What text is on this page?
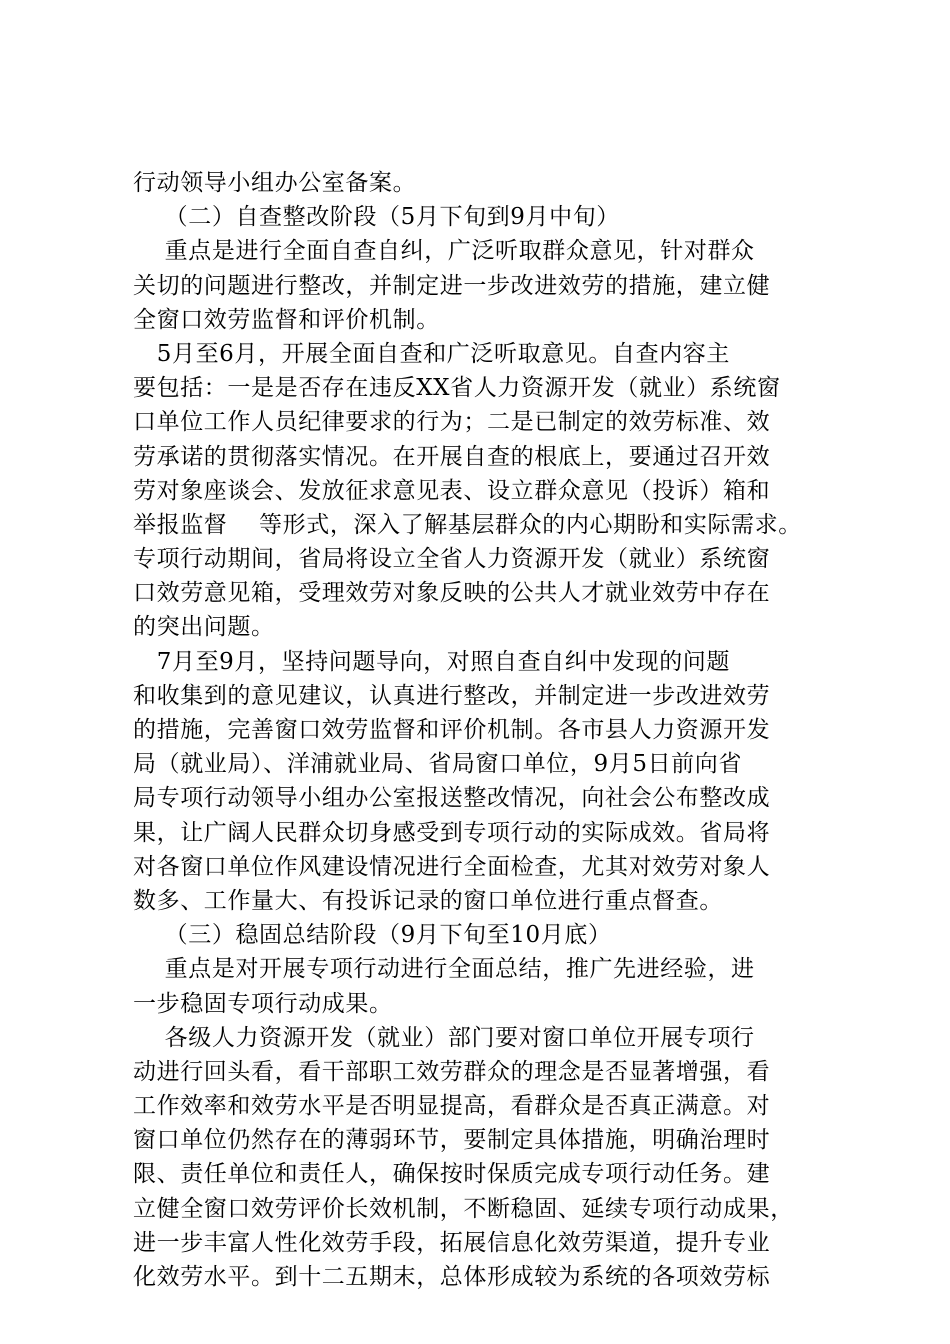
行动领导小组办公室备案。
（二）自查整改阶段（5月下旬到9月中旬）
重点是进行全面自查自纠，广泛听取群众意见，针对群众
关切的问题进行整改，并制定进一步改进效劳的措施，建立健
全窗口效劳监督和评价机制。
5月至6月，开展全面自查和广泛听取意见。自查内容主
要包括：一是是否存在违反XX省人力资源开发（就业）系统窗
口单位工作人员纪律要求的行为；二是已制定的效劳标准、效
劳承诺的贯彻落实情况。在开展自查的根底上，要通过召开效
劳对象座谈会、发放征求意见表、设立群众意见（投诉）箱和
举报监督    等形式，深入了解基层群众的内心期盼和实际需求。
专项行动期间，省局将设立全省人力资源开发（就业）系统窗
口效劳意见箱，受理效劳对象反映的公共人才就业效劳中存在
的突出问题。
7月至9月，坚持问题导向，对照自查自纠中发现的问题
和收集到的意见建议，认真进行整改，并制定进一步改进效劳
的措施，完善窗口效劳监督和评价机制。各市县人力资源开发
局（就业局）、洋浦就业局、省局窗口单位，9月5日前向省
局专项行动领导小组办公室报送整改情况，向社会公布整改成
果，让广阔人民群众切身感受到专项行动的实际成效。省局将
对各窗口单位作风建设情况进行全面检查，尤其对效劳对象人
数多、工作量大、有投诉记录的窗口单位进行重点督查。
（三）稳固总结阶段（9月下旬至10月底）
重点是对开展专项行动进行全面总结，推广先进经验，进
一步稳固专项行动成果。
各级人力资源开发（就业）部门要对窗口单位开展专项行
动进行回头看，看干部职工效劳群众的理念是否显著增强，看
工作效率和效劳水平是否明显提高，看群众是否真正满意。对
窗口单位仍然存在的薄弱环节，要制定具体措施，明确治理时
限、责任单位和责任人，确保按时保质完成专项行动任务。建
立健全窗口效劳评价长效机制，不断稳固、延续专项行动成果，
进一步丰富人性化效劳手段，拓展信息化效劳渠道，提升专业
化效劳水平。到十二五期末，总体形成较为系统的各项效劳标
